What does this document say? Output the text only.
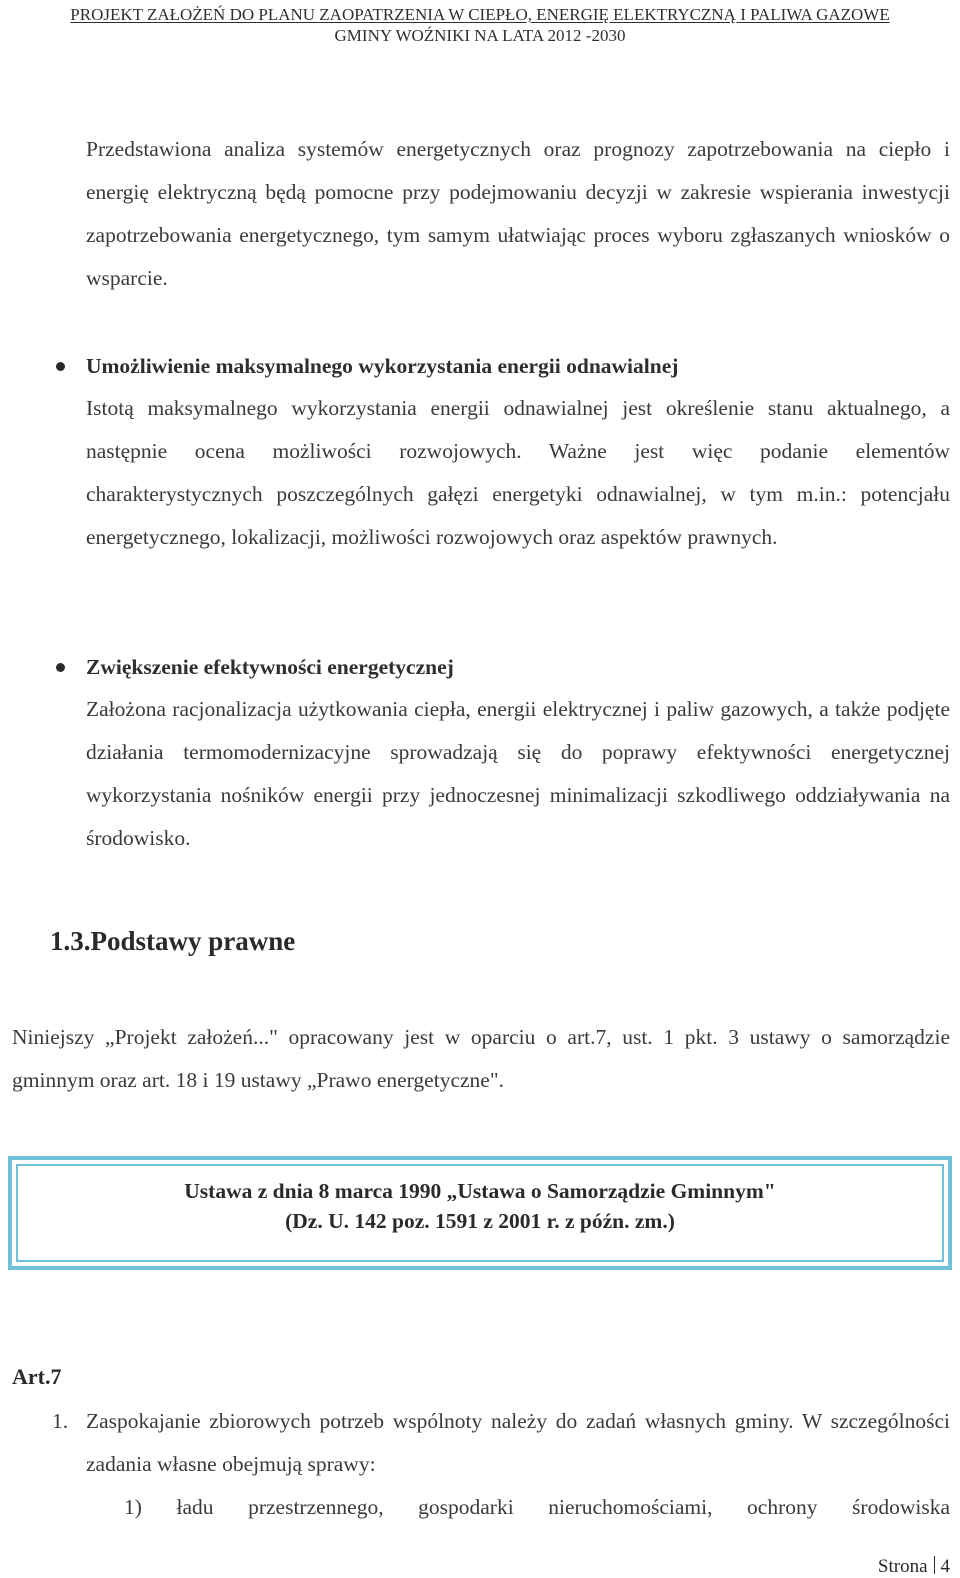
PROJEKT ZAŁOŻEŃ DO PLANU ZAOPATRZENIA W CIEPŁO, ENERGIĘ ELEKTRYCZNĄ I PALIWA GAZOWE
GMINY WOŹNIKI NA LATA 2012 -2030
Przedstawiona analiza systemów energetycznych oraz prognozy zapotrzebowania na ciepło i energię elektryczną będą pomocne przy podejmowaniu decyzji w zakresie wspierania inwestycji zapotrzebowania energetycznego, tym samym ułatwiając proces wyboru zgłaszanych wniosków o wsparcie.
Umożliwienie maksymalnego wykorzystania energii odnawialnej
Istotą maksymalnego wykorzystania energii odnawialnej jest określenie stanu aktualnego, a następnie ocena możliwości rozwojowych. Ważne jest więc podanie elementów charakterystycznych poszczególnych gałęzi energetyki odnawialnej, w tym m.in.: potencjału energetycznego, lokalizacji, możliwości rozwojowych oraz aspektów prawnych.
Zwiększenie efektywności energetycznej
Założona racjonalizacja użytkowania ciepła, energii elektrycznej i paliw gazowych, a także podjęte działania termomodernizacyjne sprowadzają się do poprawy efektywności energetycznej wykorzystania nośników energii przy jednoczesnej minimalizacji szkodliwego oddziaływania na środowisko.
1.3.Podstawy prawne
Niniejszy „Projekt założeń..." opracowany jest w oparciu o art.7, ust. 1 pkt. 3 ustawy o samorządzie gminnym oraz art. 18 i 19 ustawy „Prawo energetyczne".
Ustawa z dnia 8 marca 1990 „Ustawa o Samorządzie Gminnym"
(Dz. U. 142 poz. 1591 z 2001 r. z późn. zm.)
Art.7
1. Zaspokajanie zbiorowych potrzeb wspólnoty należy do zadań własnych gminy. W szczególności zadania własne obejmują sprawy:
1) ładu przestrzennego, gospodarki nieruchomościami, ochrony środowiska
Strona 4
